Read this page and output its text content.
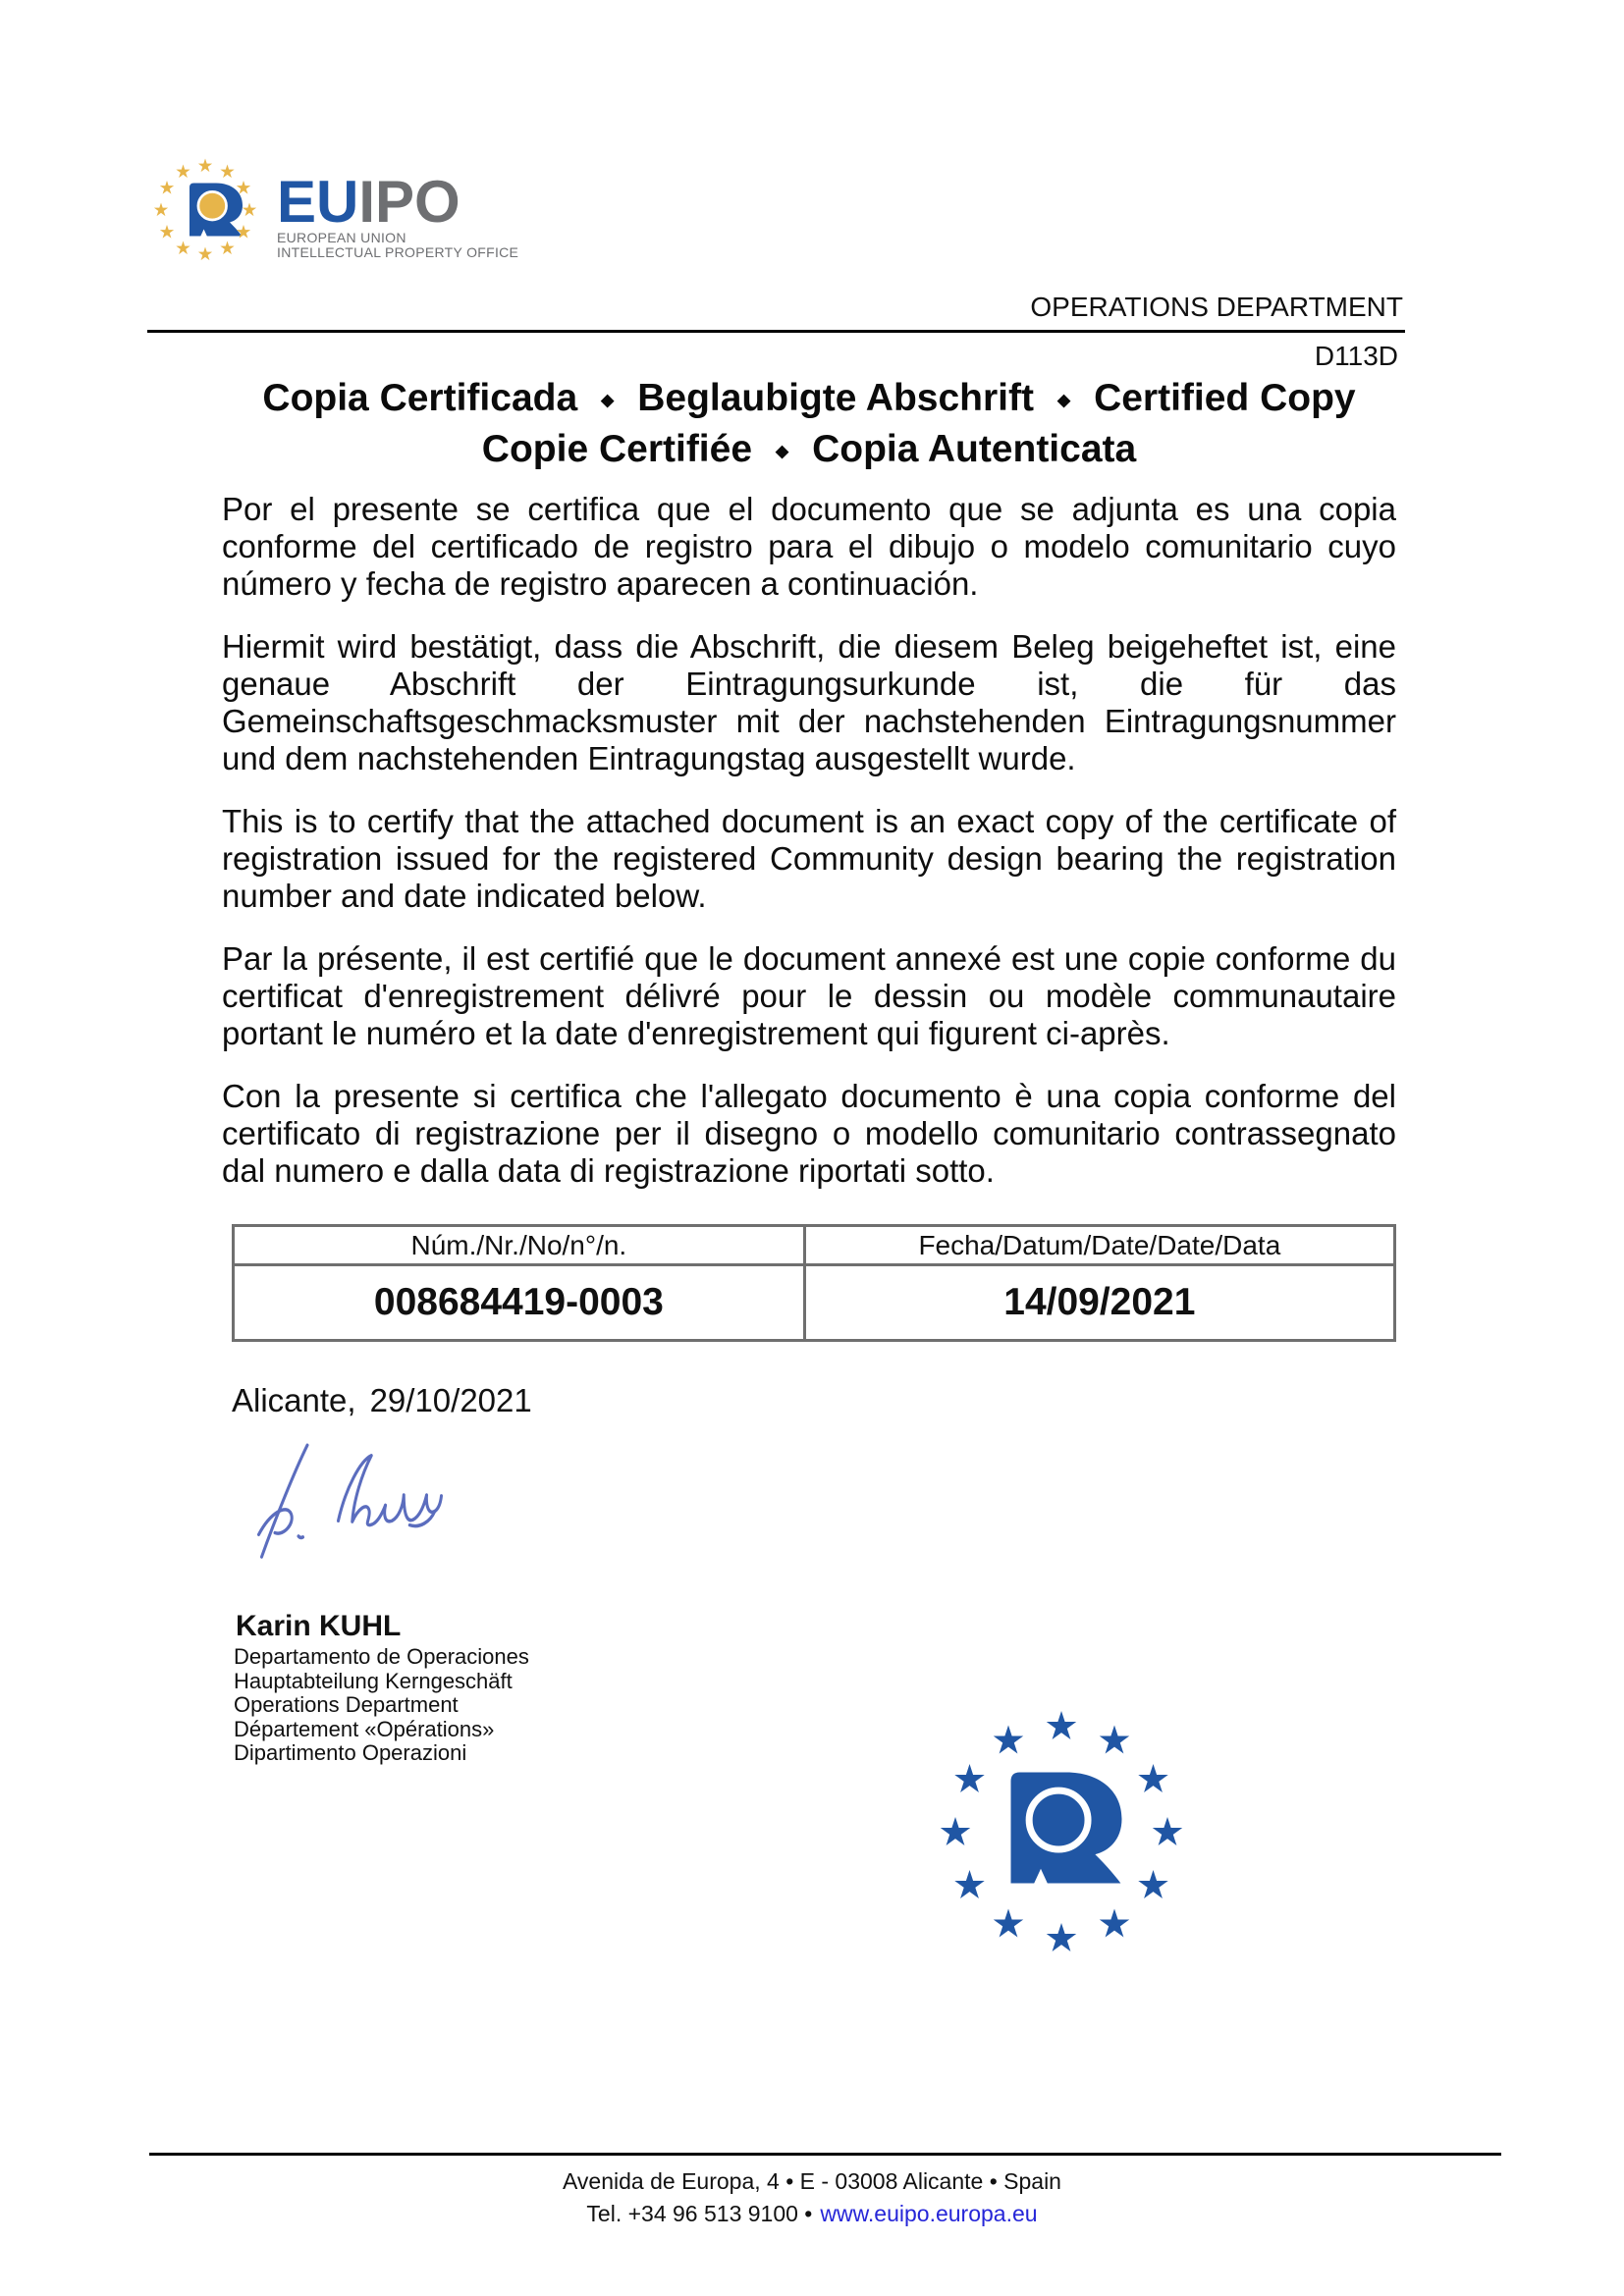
EUIPO
EUROPEAN UNION
INTELLECTUAL PROPERTY OFFICE
OPERATIONS DEPARTMENT
D113D
Copia Certificada ◆ Beglaubigte Abschrift ◆ Certified Copy
Copie Certifiée ◆ Copia Autenticata

Por el presente se certifica que el documento que se adjunta es una copia conforme del certificado de registro para el dibujo o modelo comunitario cuyo número y fecha de registro aparecen a continuación.

Hiermit wird bestätigt, dass die Abschrift, die diesem Beleg beigeheftet ist, eine genaue Abschrift der Eintragungsurkunde ist, die für das Gemeinschaftsgeschmacksmuster mit der nachstehenden Eintragungsnummer und dem nachstehenden Eintragungstag ausgestellt wurde.

This is to certify that the attached document is an exact copy of the certificate of registration issued for the registered Community design bearing the registration number and date indicated below.

Par la présente, il est certifié que le document annexé est une copie conforme du certificat d'enregistrement délivré pour le dessin ou modèle communautaire portant le numéro et la date d'enregistrement qui figurent ci-après.

Con la presente si certifica che l'allegato documento è una copia conforme del certificato di registrazione per il disegno o modello comunitario contrassegnato dal numero e dalla data di registrazione riportati sotto.

Núm./Nr./No/n°/n.	Fecha/Datum/Date/Date/Data
008684419-0003	14/09/2021
Alicante, 29/10/2021
Karin KUHL
Departamento de Operaciones
Hauptabteilung Kerngeschäft
Operations Department
Département «Opérations»
Dipartimento Operazioni
Avenida de Europa, 4 • E - 03008 Alicante • Spain
Tel. +34 96 513 9100 • www.euipo.europa.eu
